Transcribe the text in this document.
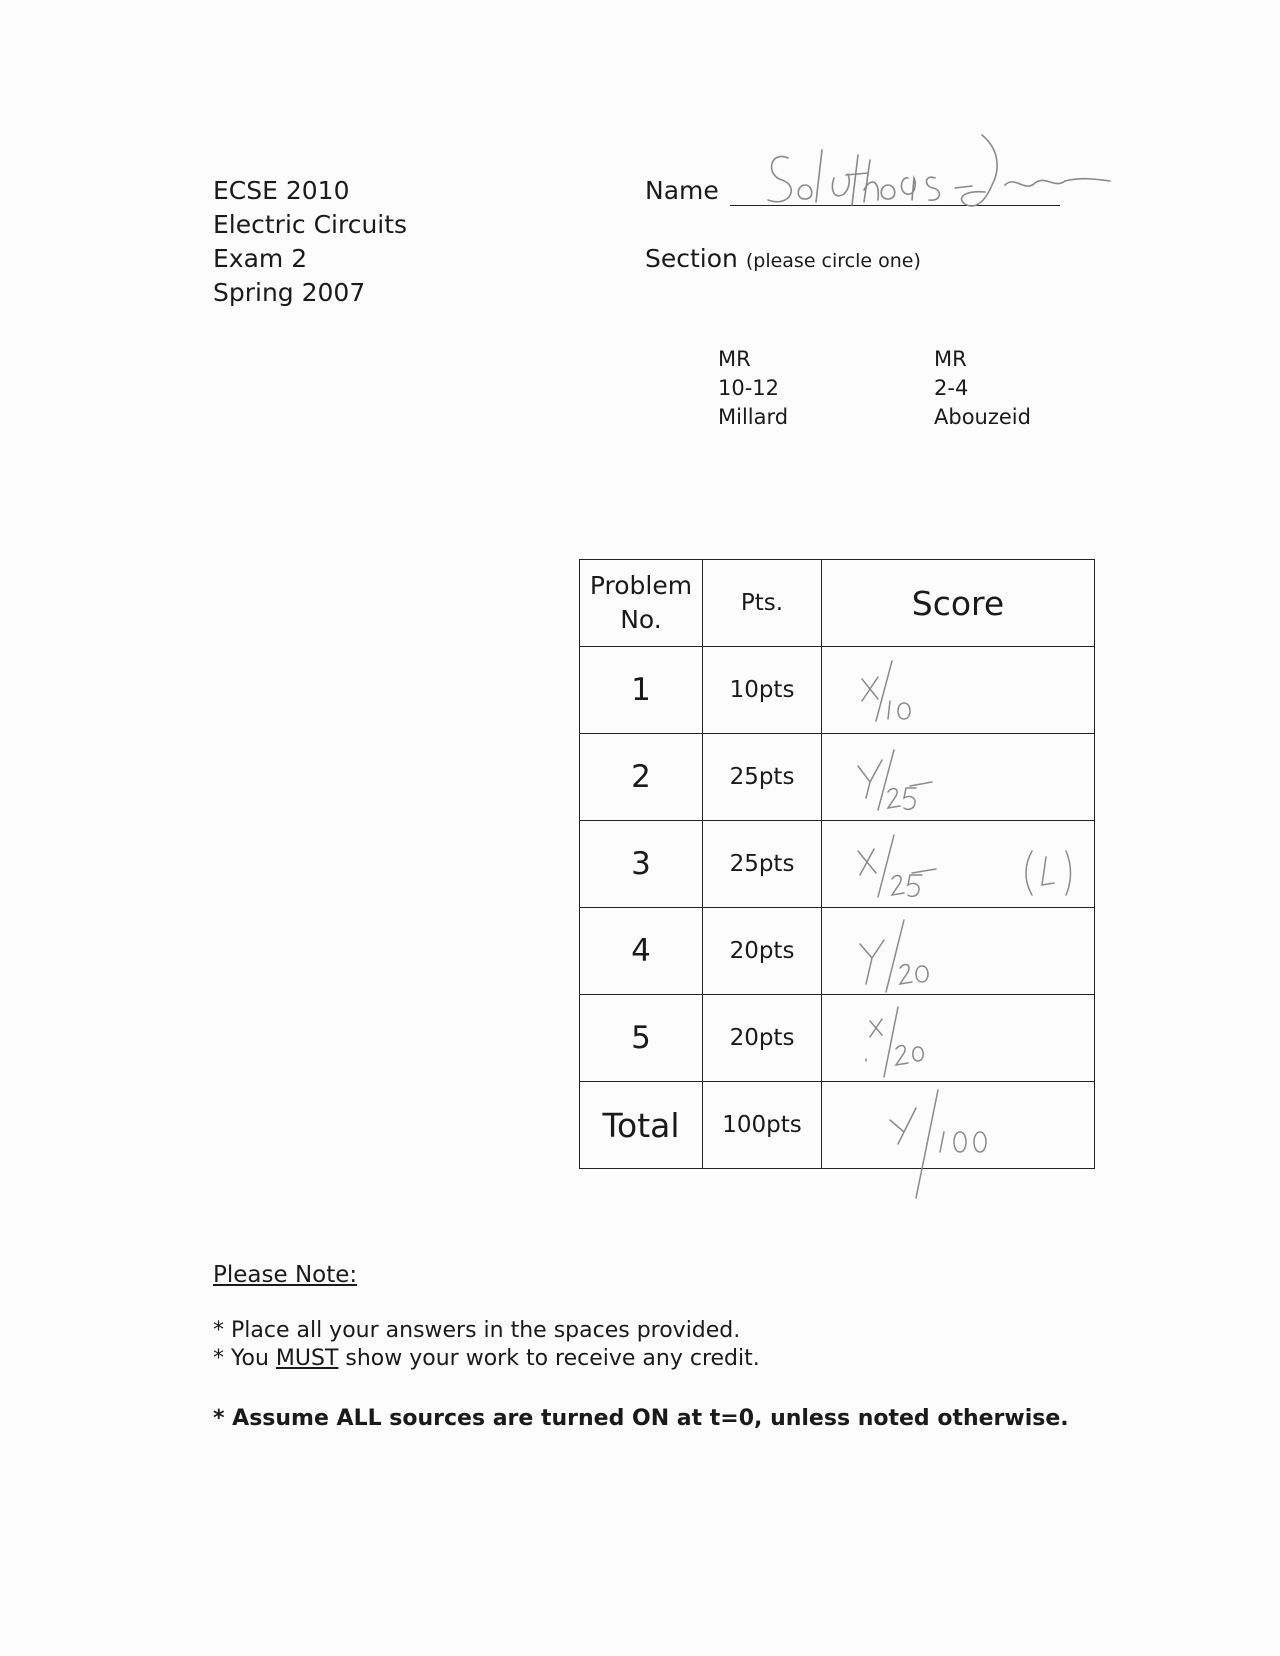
ECSE 2010
Electric Circuits
Exam 2
Spring 2007
Name
Section (please circle one)
MR
10-12
Millard
MR
2-4
Abouzeid
Problem
No.	Pts.	Score
1	10pts	

2	25pts	

3	25pts	

4	20pts	

5	20pts	

Total	100pts	
Please Note:
* Place all your answers in the spaces provided.
* You MUST show your work to receive any credit.
* Assume ALL sources are turned ON at t=0, unless noted otherwise.
